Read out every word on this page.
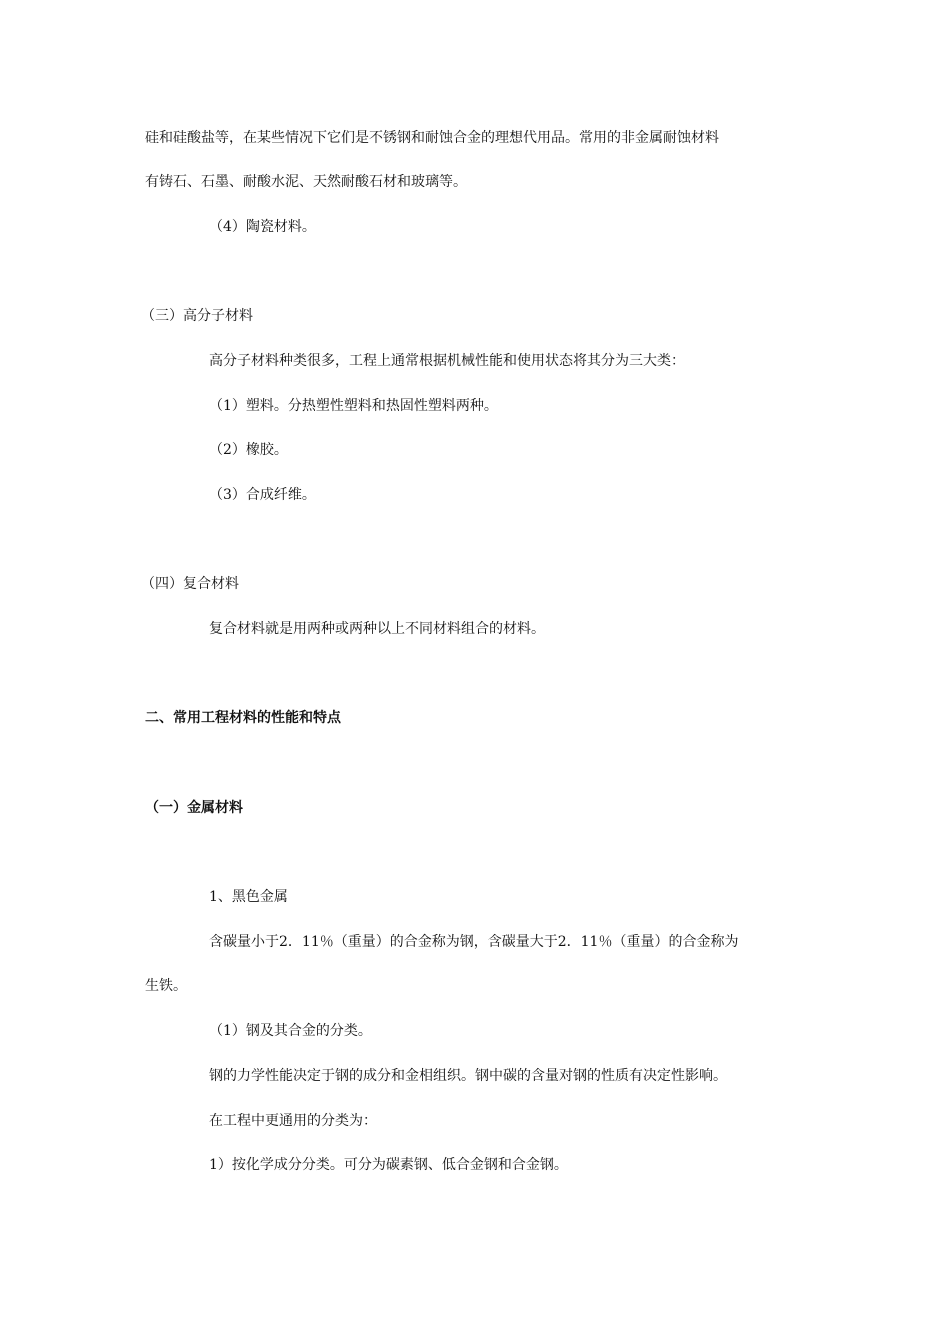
硅和硅酸盐等，在某些情况下它们是不锈钢和耐蚀合金的理想代用品。常用的非金属耐蚀材料
有铸石、石墨、耐酸水泥、天然耐酸石材和玻璃等。
（4）陶瓷材料。
（三）高分子材料
高分子材料种类很多，工程上通常根据机械性能和使用状态将其分为三大类：
（1）塑料。分热塑性塑料和热固性塑料两种。
（2）橡胶。
（3）合成纤维。
（四）复合材料
复合材料就是用两种或两种以上不同材料组合的材料。
二、常用工程材料的性能和特点
（一）金属材料
1、黑色金属
含碳量小于2．11％（重量）的合金称为钢，含碳量大于2．11％（重量）的合金称为
生铁。
（1）钢及其合金的分类。
钢的力学性能决定于钢的成分和金相组织。钢中碳的含量对钢的性质有决定性影响。
在工程中更通用的分类为：
1）按化学成分分类。可分为碳素钢、低合金钢和合金钢。
